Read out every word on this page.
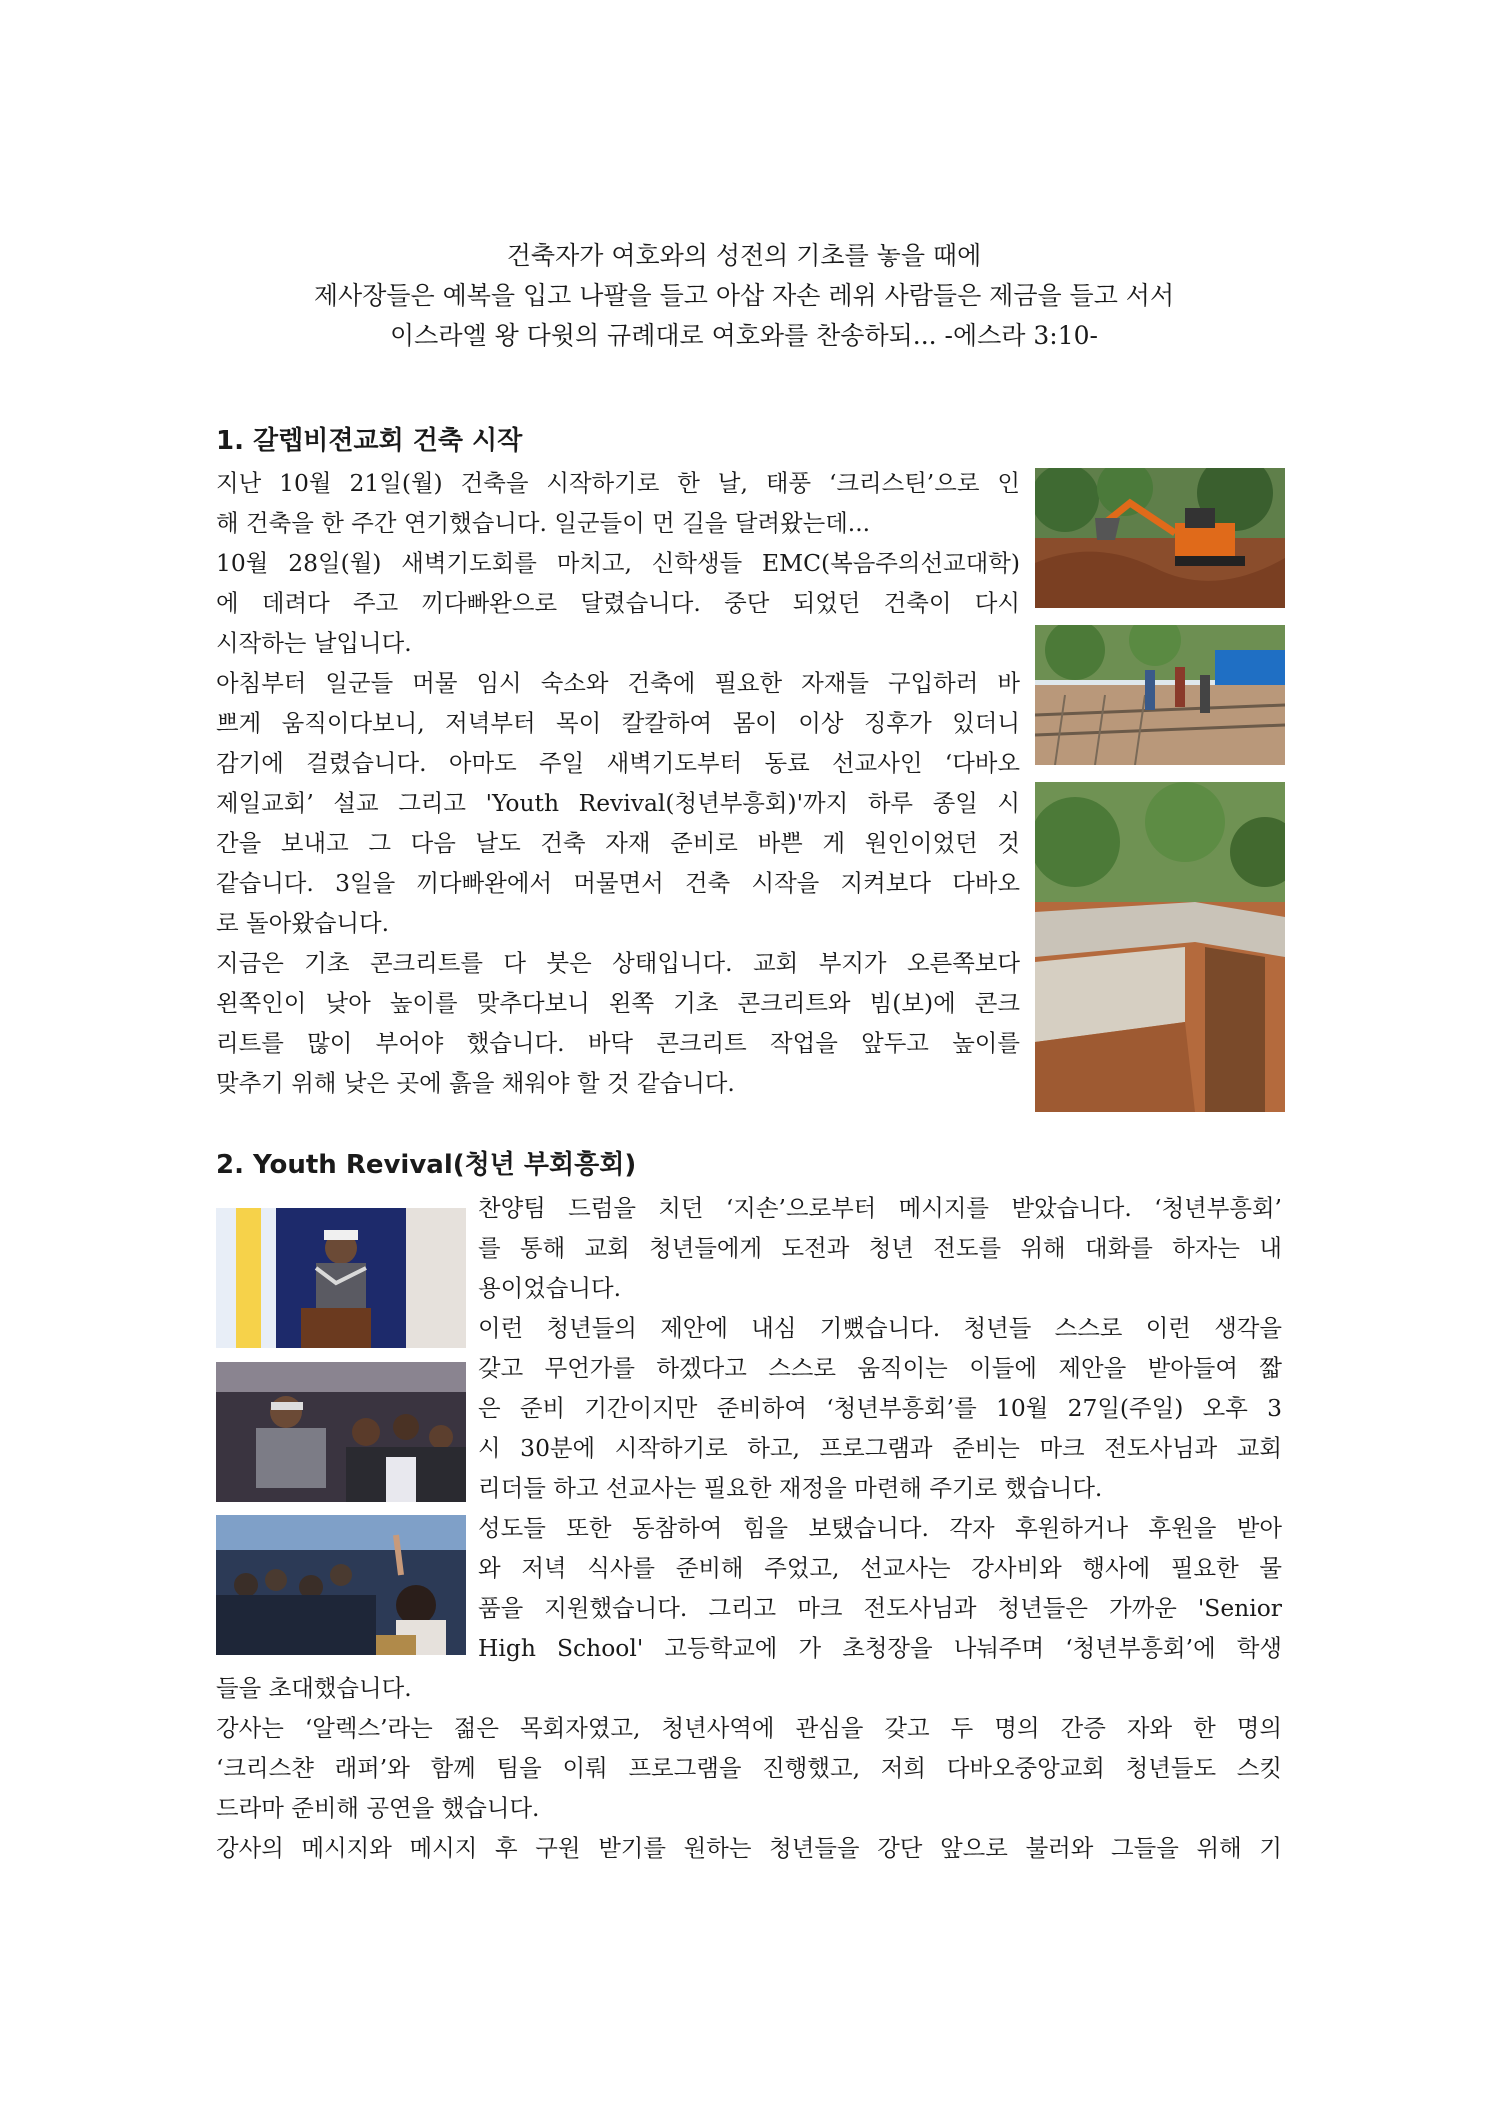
건축자가 여호와의 성전의 기초를 놓을 때에
제사장들은 예복을 입고 나팔을 들고 아삽 자손 레위 사람들은 제금을 들고 서서
이스라엘 왕 다윗의 규례대로 여호와를 찬송하되... -에스라 3:10-
1. 갈렙비젼교회 건축 시작
지난 10월 21일(월) 건축을 시작하기로 한 날, 태풍 ‘크리스틴’으로 인
해 건축을 한 주간 연기했습니다. 일군들이 먼 길을 달려왔는데...
10월 28일(월) 새벽기도회를 마치고, 신학생들 EMC(복음주의선교대학)
에 데려다 주고 끼다빠완으로 달렸습니다. 중단 되었던 건축이 다시
시작하는 날입니다.
아침부터 일군들 머물 임시 숙소와 건축에 필요한 자재들 구입하러 바
쁘게 움직이다보니, 저녁부터 목이 칼칼하여 몸이 이상 징후가 있더니
감기에 걸렸습니다. 아마도 주일 새벽기도부터 동료 선교사인 ‘다바오
제일교회’ 설교 그리고 'Youth Revival(청년부흥회)'까지 하루 종일 시
간을 보내고 그 다음 날도 건축 자재 준비로 바쁜 게 원인이었던 것
같습니다. 3일을 끼다빠완에서 머물면서 건축 시작을 지켜보다 다바오
로 돌아왔습니다.
지금은 기초 콘크리트를 다 붓은 상태입니다. 교회 부지가 오른쪽보다
왼쪽인이 낮아 높이를 맞추다보니 왼쪽 기초 콘크리트와 빔(보)에 콘크
리트를 많이 부어야 했습니다. 바닥 콘크리트 작업을 앞두고 높이를
맞추기 위해 낮은 곳에 흙을 채워야 할 것 같습니다.
2. Youth Revival(청년 부회흥회)
찬양팀 드럼을 치던 ‘지손’으로부터 메시지를 받았습니다. ‘청년부흥회’
를 통해 교회 청년들에게 도전과 청년 전도를 위해 대화를 하자는 내
용이었습니다.
이런 청년들의 제안에 내심 기뻤습니다. 청년들 스스로 이런 생각을
갖고 무언가를 하겠다고 스스로 움직이는 이들에 제안을 받아들여 짧
은 준비 기간이지만 준비하여 ‘청년부흥회’를 10월 27일(주일) 오후 3
시 30분에 시작하기로 하고, 프로그램과 준비는 마크 전도사님과 교회
리더들 하고 선교사는 필요한 재정을 마련해 주기로 했습니다.
성도들 또한 동참하여 힘을 보탰습니다. 각자 후원하거나 후원을 받아
와 저녁 식사를 준비해 주었고, 선교사는 강사비와 행사에 필요한 물
품을 지원했습니다. 그리고 마크 전도사님과 청년들은 가까운 'Senior
High School' 고등학교에 가 초청장을 나눠주며 ‘청년부흥회’에 학생
들을 초대했습니다.
강사는 ‘알렉스’라는 젊은 목회자였고, 청년사역에 관심을 갖고 두 명의 간증 자와 한 명의
‘크리스챤 래퍼’와 함께 팀을 이뤄 프로그램을 진행했고, 저희 다바오중앙교회 청년들도 스킷
드라마 준비해 공연을 했습니다.
강사의 메시지와 메시지 후 구원 받기를 원하는 청년들을 강단 앞으로 불러와 그들을 위해 기
